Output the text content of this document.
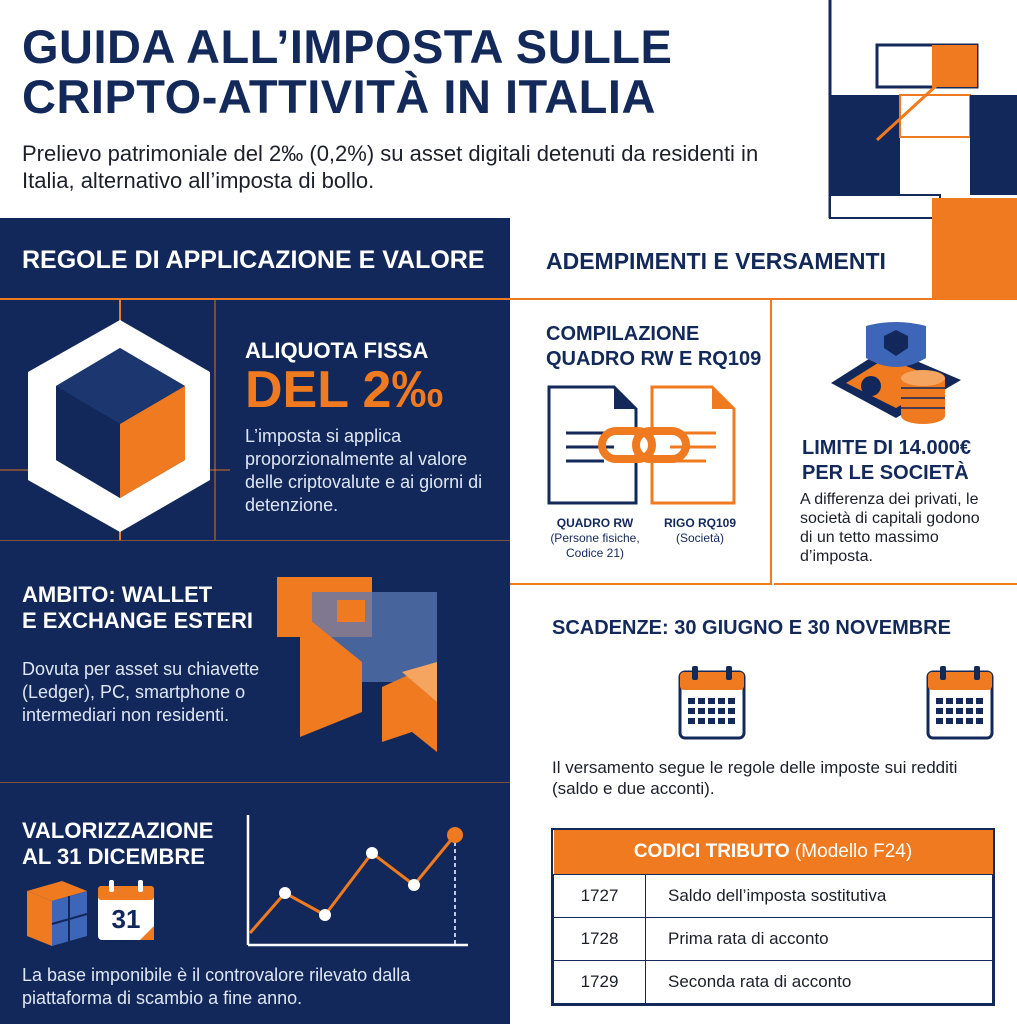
GUIDA ALL’IMPOSTA SULLE
CRIPTO-ATTIVITÀ IN ITALIA
Prelievo patrimoniale del 2‰ (0,2%) su asset digitali detenuti da residenti in Italia, alternativo all’imposta di bollo.
REGOLE DI APPLICAZIONE E VALORE
ALIQUOTA FISSA
DEL 2‰
L’imposta si applica proporzionalmente al valore delle criptovalute e ai giorni di detenzione.
AMBITO: WALLET
E EXCHANGE ESTERI
Dovuta per asset su chiavette (Ledger), PC, smartphone o intermediari non residenti.
VALORIZZAZIONE
AL 31 DICEMBRE
31
La base imponibile è il controvalore rilevato dalla piattaforma di scambio a fine anno.
ADEMPIMENTI E VERSAMENTI
COMPILAZIONE
QUADRO RW E RQ109
QUADRO RW
(Persone fisiche, Codice 21)
RIGO RQ109
(Società)
LIMITE DI 14.000€
PER LE SOCIETÀ
A differenza dei privati, le società di capitali godono di un tetto massimo d’imposta.
SCADENZE: 30 GIUGNO E 30 NOVEMBRE
Il versamento segue le regole delle imposte sui redditi (saldo e due acconti).
CODICI TRIBUTO (Modello F24)	
1727	Saldo dell’imposta sostitutiva
1728	Prima rata di acconto
1729	Seconda rata di acconto
